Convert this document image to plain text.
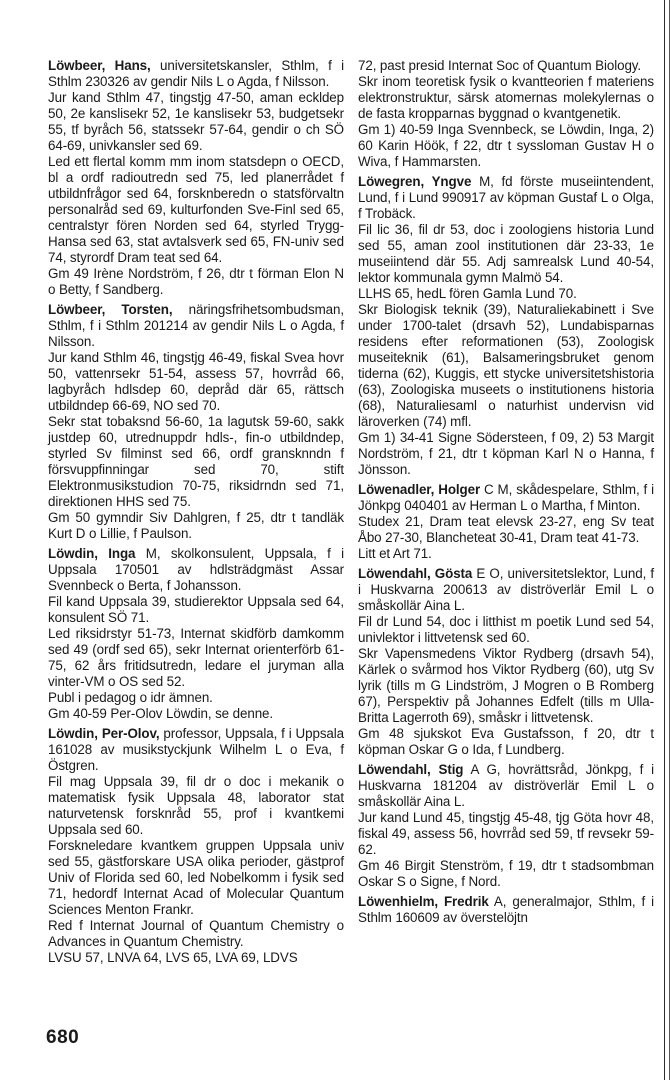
Löwbeer, Hans, universitetskansler, Sthlm, f i Sthlm 230326 av gendir Nils L o Agda, f Nilsson.

Jur kand Sthlm 47, tingstjg 47-50, aman eckldep 50, 2e kanslisekr 52, 1e kanslisekr 53, budgetsekr 55, tf byråch 56, statssekr 57-64, gendir o ch SÖ 64-69, univkansler sed 69.

Led ett flertal komm mm inom statsdepn o OECD, bl a ordf radioutredn sed 75, led planerrådet f utbildnfrågor sed 64, forsknberedn o statsförvaltn personalråd sed 69, kulturfonden Sve-Finl sed 65, centralstyr fören Norden sed 64, styrled Trygg-Hansa sed 63, stat avtalsverk sed 65, FN-univ sed 74, styrordf Dram teat sed 64.

Gm 49 Irène Nordström, f 26, dtr t förman Elon N o Betty, f Sandberg.

Löwbeer, Torsten, näringsfrihetsombudsman, Sthlm, f i Sthlm 201214 av gendir Nils L o Agda, f Nilsson.

Jur kand Sthlm 46, tingstjg 46-49, fiskal Svea hovr 50, vattenrsekr 51-54, assess 57, hovrråd 66, lagbyråch hdlsdep 60, depråd där 65, rättsch utbildndep 66-69, NO sed 70.

Sekr stat tobaksnd 56-60, 1a lagutsk 59-60, sakk justdep 60, utrednuppdr hdls-, fin-o utbildndep, styrled Sv filminst sed 66, ordf gransknndn f försvuppfinningar sed 70, stift Elektronmusikstudion 70-75, riksidrndn sed 71, direktionen HHS sed 75.

Gm 50 gymndir Siv Dahlgren, f 25, dtr t tandläk Kurt D o Lillie, f Paulson.

Löwdin, Inga M, skolkonsulent, Uppsala, f i Uppsala 170501 av hdlsträdgmäst Assar Svennbeck o Berta, f Johansson.

Fil kand Uppsala 39, studierektor Uppsala sed 64, konsulent SÖ 71.

Led riksidrstyr 51-73, Internat skidförb damkomm sed 49 (ordf sed 65), sekr Internat orienterförb 61-75, 62 års fritidsutredn, ledare el juryman alla vinter-VM o OS sed 52.

Publ i pedagog o idr ämnen.

Gm 40-59 Per-Olov Löwdin, se denne.

Löwdin, Per-Olov, professor, Uppsala, f i Uppsala 161028 av musikstyckjunk Wilhelm L o Eva, f Östgren.

Fil mag Uppsala 39, fil dr o doc i mekanik o matematisk fysik Uppsala 48, laborator stat naturvetensk forsknråd 55, prof i kvantkemi Uppsala sed 60.

Forskneledare kvantkem gruppen Uppsala univ sed 55, gästforskare USA olika perioder, gästprof Univ of Florida sed 60, led Nobelkomm i fysik sed 71, hedordf Internat Acad of Molecular Quantum Sciences Menton Frankr.

Red f Internat Journal of Quantum Chemistry o Advances in Quantum Chemistry.

LVSU 57, LNVA 64, LVS 65, LVA 69, LDVS

72, past presid Internat Soc of Quantum Biology.

Skr inom teoretisk fysik o kvantteorien f materiens elektronstruktur, särsk atomernas molekylernas o de fasta kropparnas byggnad o kvantgenetik.

Gm 1) 40-59 Inga Svennbeck, se Löwdin, Inga, 2) 60 Karin Höök, f 22, dtr t syssloman Gustav H o Wiva, f Hammarsten.

Löwegren, Yngve M, fd förste museiintendent, Lund, f i Lund 990917 av köpman Gustaf L o Olga, f Trobäck.

Fil lic 36, fil dr 53, doc i zoologiens historia Lund sed 55, aman zool institutionen där 23-33, 1e museiintend där 55. Adj samrealsk Lund 40-54, lektor kommunala gymn Malmö 54.

LLHS 65, hedL fören Gamla Lund 70.

Skr Biologisk teknik (39), Naturaliekabinett i Sve under 1700-talet (drsavh 52), Lundabisparnas residens efter reformationen (53), Zoologisk museiteknik (61), Balsameringsbruket genom tiderna (62), Kuggis, ett stycke universitetshistoria (63), Zoologiska museets o institutionens historia (68), Naturaliesaml o naturhist undervisn vid läroverken (74) mfl.

Gm 1) 34-41 Signe Södersteen, f 09, 2) 53 Margit Nordström, f 21, dtr t köpman Karl N o Hanna, f Jönsson.

Löwenadler, Holger C M, skådespelare, Sthlm, f i Jönkpg 040401 av Herman L o Martha, f Minton.

Studex 21, Dram teat elevsk 23-27, eng Sv teat Åbo 27-30, Blancheteat 30-41, Dram teat 41-73.

Litt et Art 71.

Löwendahl, Gösta E O, universitetslektor, Lund, f i Huskvarna 200613 av diströverlär Emil L o småskollär Aina L.

Fil dr Lund 54, doc i litthist m poetik Lund sed 54, univlektor i littvetensk sed 60.

Skr Vapensmedens Viktor Rydberg (drsavh 54), Kärlek o svårmod hos Viktor Rydberg (60), utg Sv lyrik (tills m G Lindström, J Mogren o B Romberg 67), Perspektiv på Johannes Edfelt (tills m Ulla-Britta Lagerroth 69), småskr i littvetensk.

Gm 48 sjukskot Eva Gustafsson, f 20, dtr t köpman Oskar G o Ida, f Lundberg.

Löwendahl, Stig A G, hovrättsråd, Jönkpg, f i Huskvarna 181204 av diströverlär Emil L o småskollär Aina L.

Jur kand Lund 45, tingstjg 45-48, tjg Göta hovr 48, fiskal 49, assess 56, hovrråd sed 59, tf revsekr 59-62.

Gm 46 Birgit Stenström, f 19, dtr t stadsombman Oskar S o Signe, f Nord.

Löwenhielm, Fredrik A, generalmajor, Sthlm, f i Sthlm 160609 av överstelöjtn

680
